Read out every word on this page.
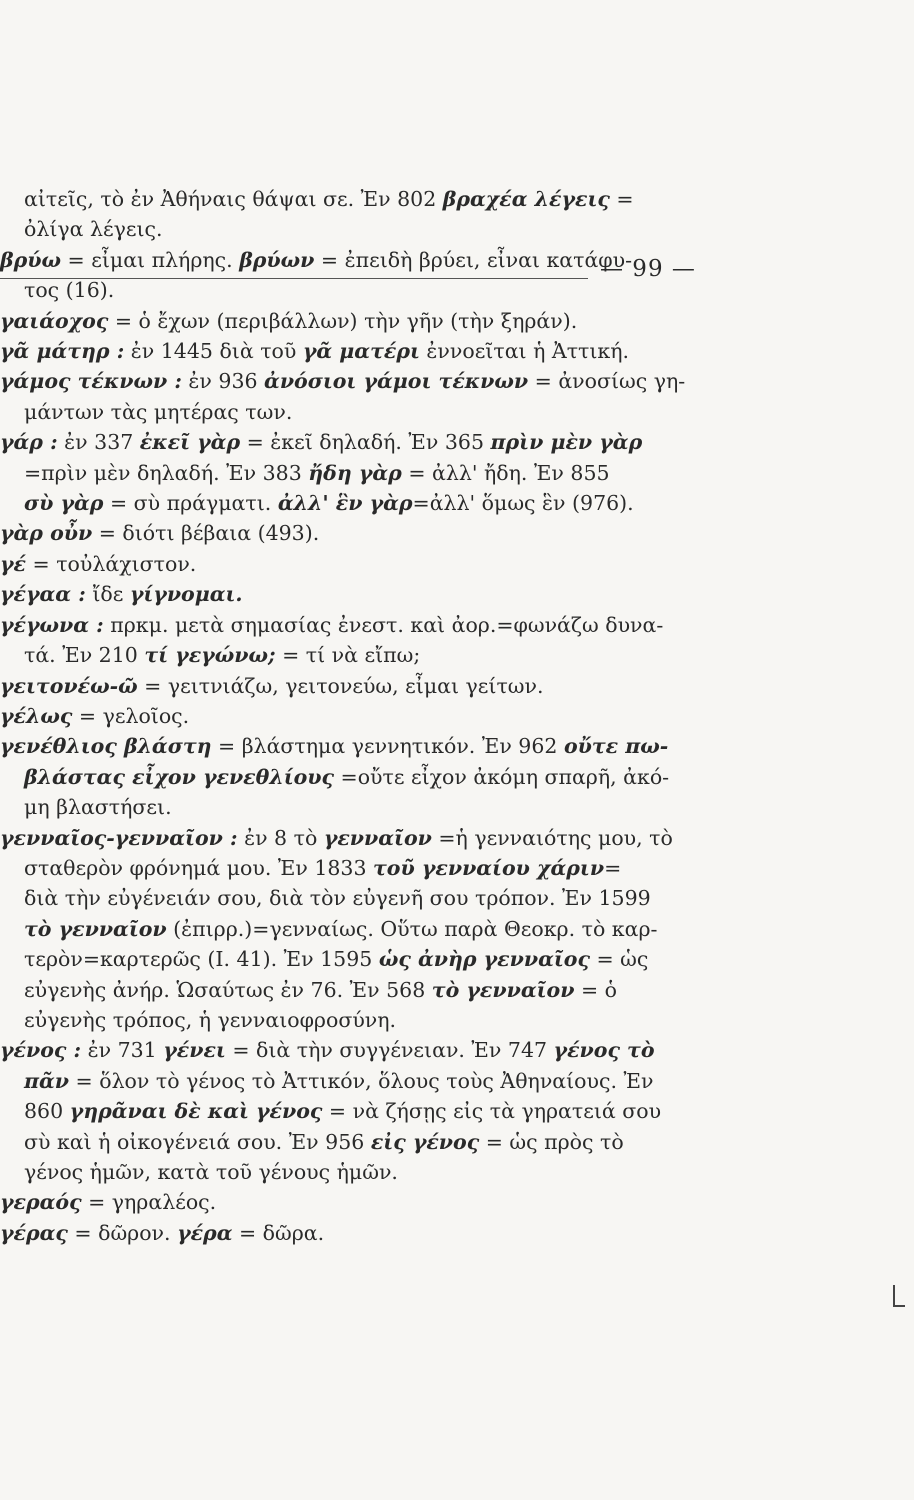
— 99 —
αἰτεῖς, τὸ ἐν Ἀθήναις θάψαι σε. Ἐν 802 βραχέα λέγεις =
ὀλίγα λέγεις.
βρύω = εἶμαι πλήρης. βρύων = ἐπειδὴ βρύει, εἶναι κατάφυ-
τος (16).
γαιάοχος = ὁ ἔχων (περιβάλλων) τὴν γῆν (τὴν ξηράν).
γᾶ μάτηρ : ἐν 1445 διὰ τοῦ γᾶ ματέρι ἐννοεῖται ἡ Ἀττική.
γάμος τέκνων : ἐν 936 ἀνόσιοι γάμοι τέκνων = ἀνοσίως γη-
μάντων τὰς μητέρας των.
γάρ : ἐν 337 ἐκεῖ γὰρ = ἐκεῖ δηλαδή. Ἐν 365 πρὶν μὲν γὰρ
=πρὶν μὲν δηλαδή. Ἐν 383 ἤδη γὰρ = ἀλλ' ἤδη. Ἐν 855
σὺ γὰρ = σὺ πράγματι. ἀλλ' ἓν γὰρ=ἀλλ' ὅμως ἓν (976).
γὰρ οὖν = διότι βέβαια (493).
γέ = τοὐλάχιστον.
γέγαα : ἴδε γίγνομαι.
γέγωνα : πρκμ. μετὰ σημασίας ἐνεστ. καὶ ἀορ.=φωνάζω δυνα-
τά. Ἐν 210 τί γεγώνω; = τί νὰ εἴπω;
γειτονέω-ῶ = γειτνιάζω, γειτονεύω, εἶμαι γείτων.
γέλως = γελοῖος.
γενέθλιος βλάστη = βλάστημα γεννητικόν. Ἐν 962 οὔτε πω-
βλάστας εἶχον γενεθλίους =οὔτε εἶχον ἀκόμη σπαρῆ, ἀκό-
μη βλαστήσει.
γενναῖος-γενναῖον : ἐν 8 τὸ γενναῖον =ἡ γενναιότης μου, τὸ
σταθερὸν φρόνημά μου. Ἐν 1833 τοῦ γενναίου χάριν=
διὰ τὴν εὐγένειάν σου, διὰ τὸν εὐγενῆ σου τρόπον. Ἐν 1599
τὸ γενναῖον (ἐπιρρ.)=γενναίως. Οὕτω παρὰ Θεοκρ. τὸ καρ-
τερὸν=καρτερῶς (I. 41). Ἐν 1595 ὡς ἀνὴρ γενναῖος = ὡς
εὐγενὴς ἀνήρ. Ὡσαύτως ἐν 76. Ἐν 568 τὸ γενναῖον = ὁ
εὐγενὴς τρόπος, ἡ γενναιοφροσύνη.
γένος : ἐν 731 γένει = διὰ τὴν συγγένειαν. Ἐν 747 γένος τὸ
πᾶν = ὅλον τὸ γένος τὸ Ἀττικόν, ὅλους τοὺς Ἀθηναίους. Ἐν
860 γηρᾶναι δὲ καὶ γένος = νὰ ζήσῃς εἰς τὰ γηρατειά σου
σὺ καὶ ἡ οἰκογένειά σου. Ἐν 956 εἰς γένος = ὡς πρὸς τὸ
γένος ἡμῶν, κατὰ τοῦ γένους ἡμῶν.
γεραός = γηραλέος.
γέρας = δῶρον. γέρα = δῶρα.
